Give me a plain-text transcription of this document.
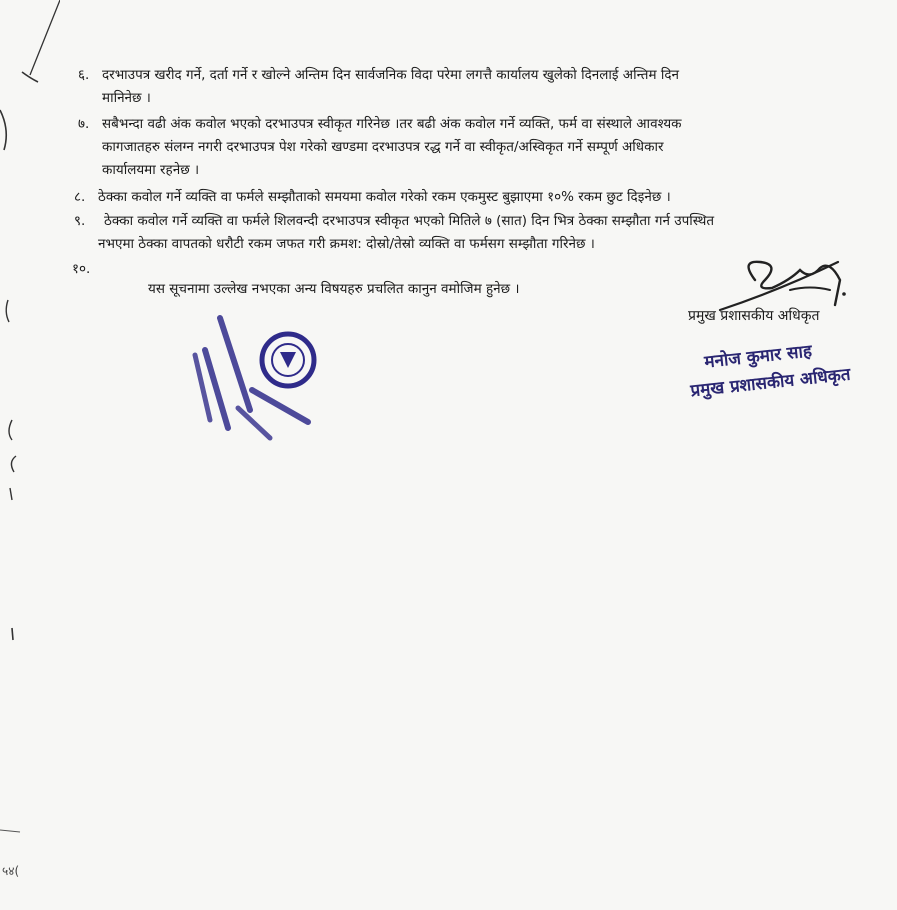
६. दरभाउपत्र खरीद गर्ने, दर्ता गर्ने र खोल्ने अन्तिम दिन सार्वजनिक विदा परेमा लगत्तै कार्यालय खुलेको दिनलाई अन्तिम दिन
मानिनेछ ।
७. सबैभन्दा वढी अंक कवोल भएको दरभाउपत्र स्वीकृत गरिनेछ ।तर बढी अंक कवोल गर्ने व्यक्ति, फर्म वा संस्थाले आवश्यक
कागजातहरु संलग्न नगरी दरभाउपत्र पेश गरेको खण्डमा दरभाउपत्र रद्ध गर्ने वा स्वीकृत/अस्विकृत गर्ने सम्पूर्ण अधिकार
कार्यालयमा रहनेछ ।
८. ठेक्का कवोल गर्ने व्यक्ति वा फर्मले सम्झौताको समयमा कवोल गरेको रकम एकमुस्ट बुझाएमा १०% रकम छुट दिइनेछ ।
९. ठेक्का कवोल गर्ने व्यक्ति वा फर्मले शिलवन्दी दरभाउपत्र स्वीकृत भएको मितिले ७ (सात) दिन भित्र ठेक्का सम्झौता गर्न उपस्थित
नभएमा ठेक्का वापतको धरौटी रकम जफत गरी क्रमश: दोस्रो/तेस्रो व्यक्ति वा फर्मसग सम्झौता गरिनेछ ।
१०.
यस सूचनामा उल्लेख नभएका अन्य विषयहरु प्रचलित कानुन वमोजिम हुनेछ ।
प्रमुख प्रशासकीय अधिकृत
मनोज कुमार साह
प्रमुख प्रशासकीय अधिकृत
५४(
